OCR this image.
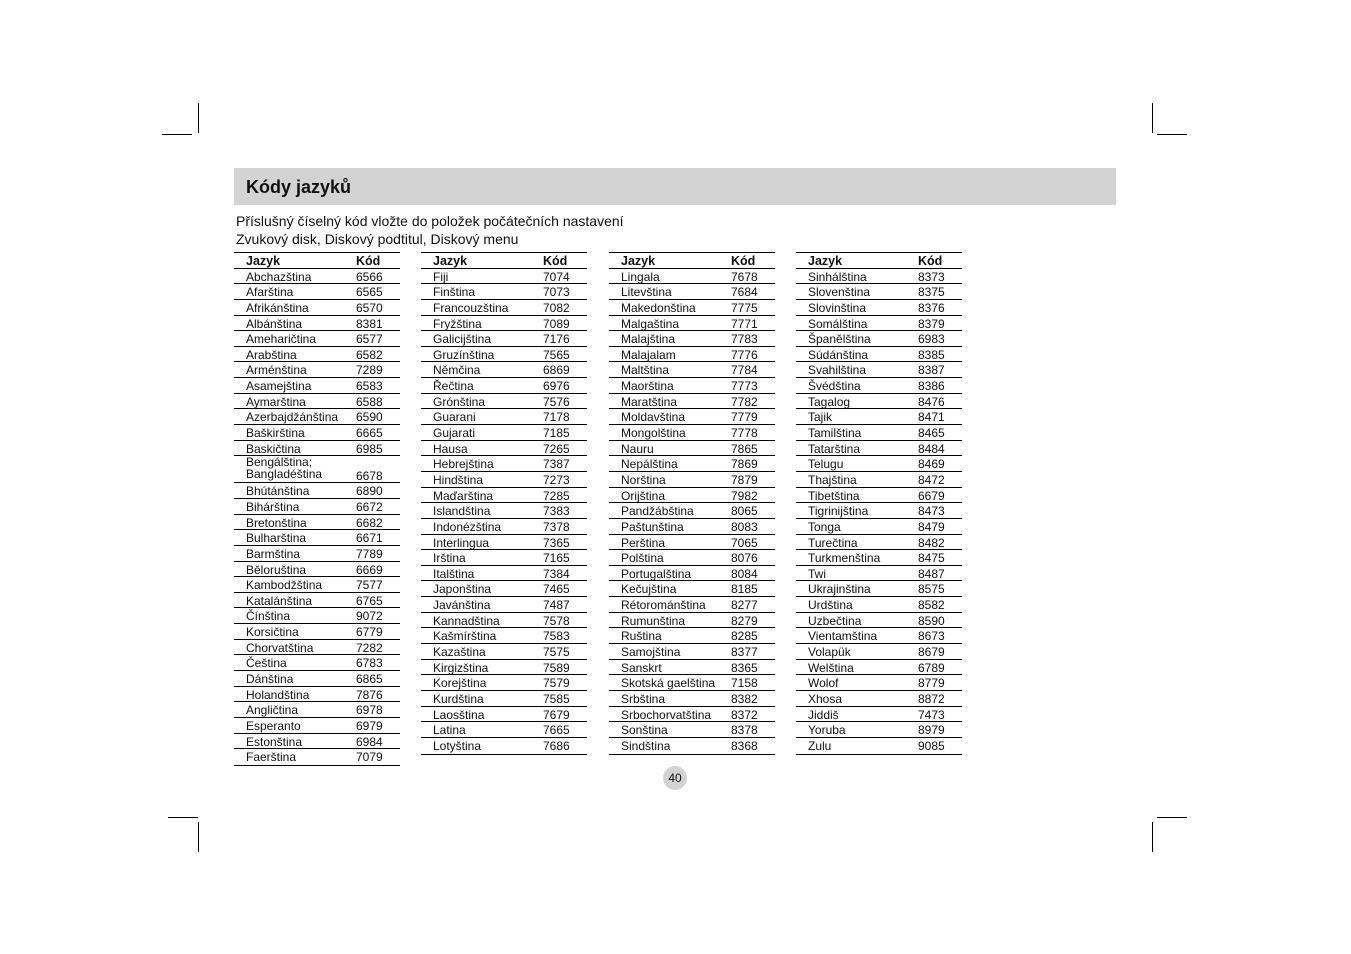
Kódy jazyků
Příslušný číselný kód vložte do položek počátečních nastavení
Zvukový disk, Diskový podtitul, Diskový menu
Jazyk	Kód
Abchazština	6566
Afarština	6565
Afrikánština	6570
Albánština	8381
Ameharičtina	6577
Arabština	6582
Arménština	7289
Asamejština	6583
Aymarština	6588
Azerbajdžánština	6590
Baškirština	6665
Baskičtina	6985
Bengálština; Bangladéština	6678
Bhútánština	6890
Bihárština	6672
Bretonština	6682
Bulharština	6671
Barmština	7789
Běloruština	6669
Kambodžština	7577
Katalánština	6765
Čínština	9072
Korsičtina	6779
Chorvatština	7282
Čeština	6783
Dánština	6865
Holandština	7876
Angličtina	6978
Esperanto	6979
Estonština	6984
Faerština	7079
Jazyk	Kód
Fiji	7074
Finština	7073
Francouzština	7082
Fryžština	7089
Galicijština	7176
Gruzínština	7565
Němčina	6869
Řečtina	6976
Grónština	7576
Guarani	7178
Gujarati	7185
Hausa	7265
Hebrejština	7387
Hindština	7273
Maďarština	7285
Islandština	7383
Indonézština	7378
Interlingua	7365
Irština	7165
Italština	7384
Japonština	7465
Javánština	7487
Kannadština	7578
Kašmírština	7583
Kazaština	7575
Kirgizština	7589
Korejština	7579
Kurdština	7585
Laosština	7679
Latina	7665
Lotyština	7686
Jazyk	Kód
Lingala	7678
Litevština	7684
Makedonština	7775
Malgaština	7771
Malajština	7783
Malajalam	7776
Maltština	7784
Maorština	7773
Maratština	7782
Moldavština	7779
Mongolština	7778
Nauru	7865
Nepálština	7869
Norština	7879
Orijština	7982
Pandžábština	8065
Paštunština	8083
Perština	7065
Polština	8076
Portugalština	8084
Kečujština	8185
Rétorománština	8277
Rumunština	8279
Ruština	8285
Samojština	8377
Sanskrt	8365
Skotská gaelština	7158
Srbština	8382
Srbochorvatština	8372
Sonština	8378
Sindština	8368
Jazyk	Kód
Sinhálština	8373
Slovenština	8375
Slovinština	8376
Somálština	8379
Španělština	6983
Súdánština	8385
Svahilština	8387
Švédština	8386
Tagalog	8476
Tajik	8471
Tamilština	8465
Tatarština	8484
Telugu	8469
Thajština	8472
Tibetština	6679
Tigrinijština	8473
Tonga	8479
Turečtina	8482
Turkmenština	8475
Twi	8487
Ukrajinština	8575
Urdština	8582
Uzbečtina	8590
Vientamština	8673
Volapük	8679
Welština	6789
Wolof	8779
Xhosa	8872
Jiddiš	7473
Yoruba	8979
Zulu	9085
40
